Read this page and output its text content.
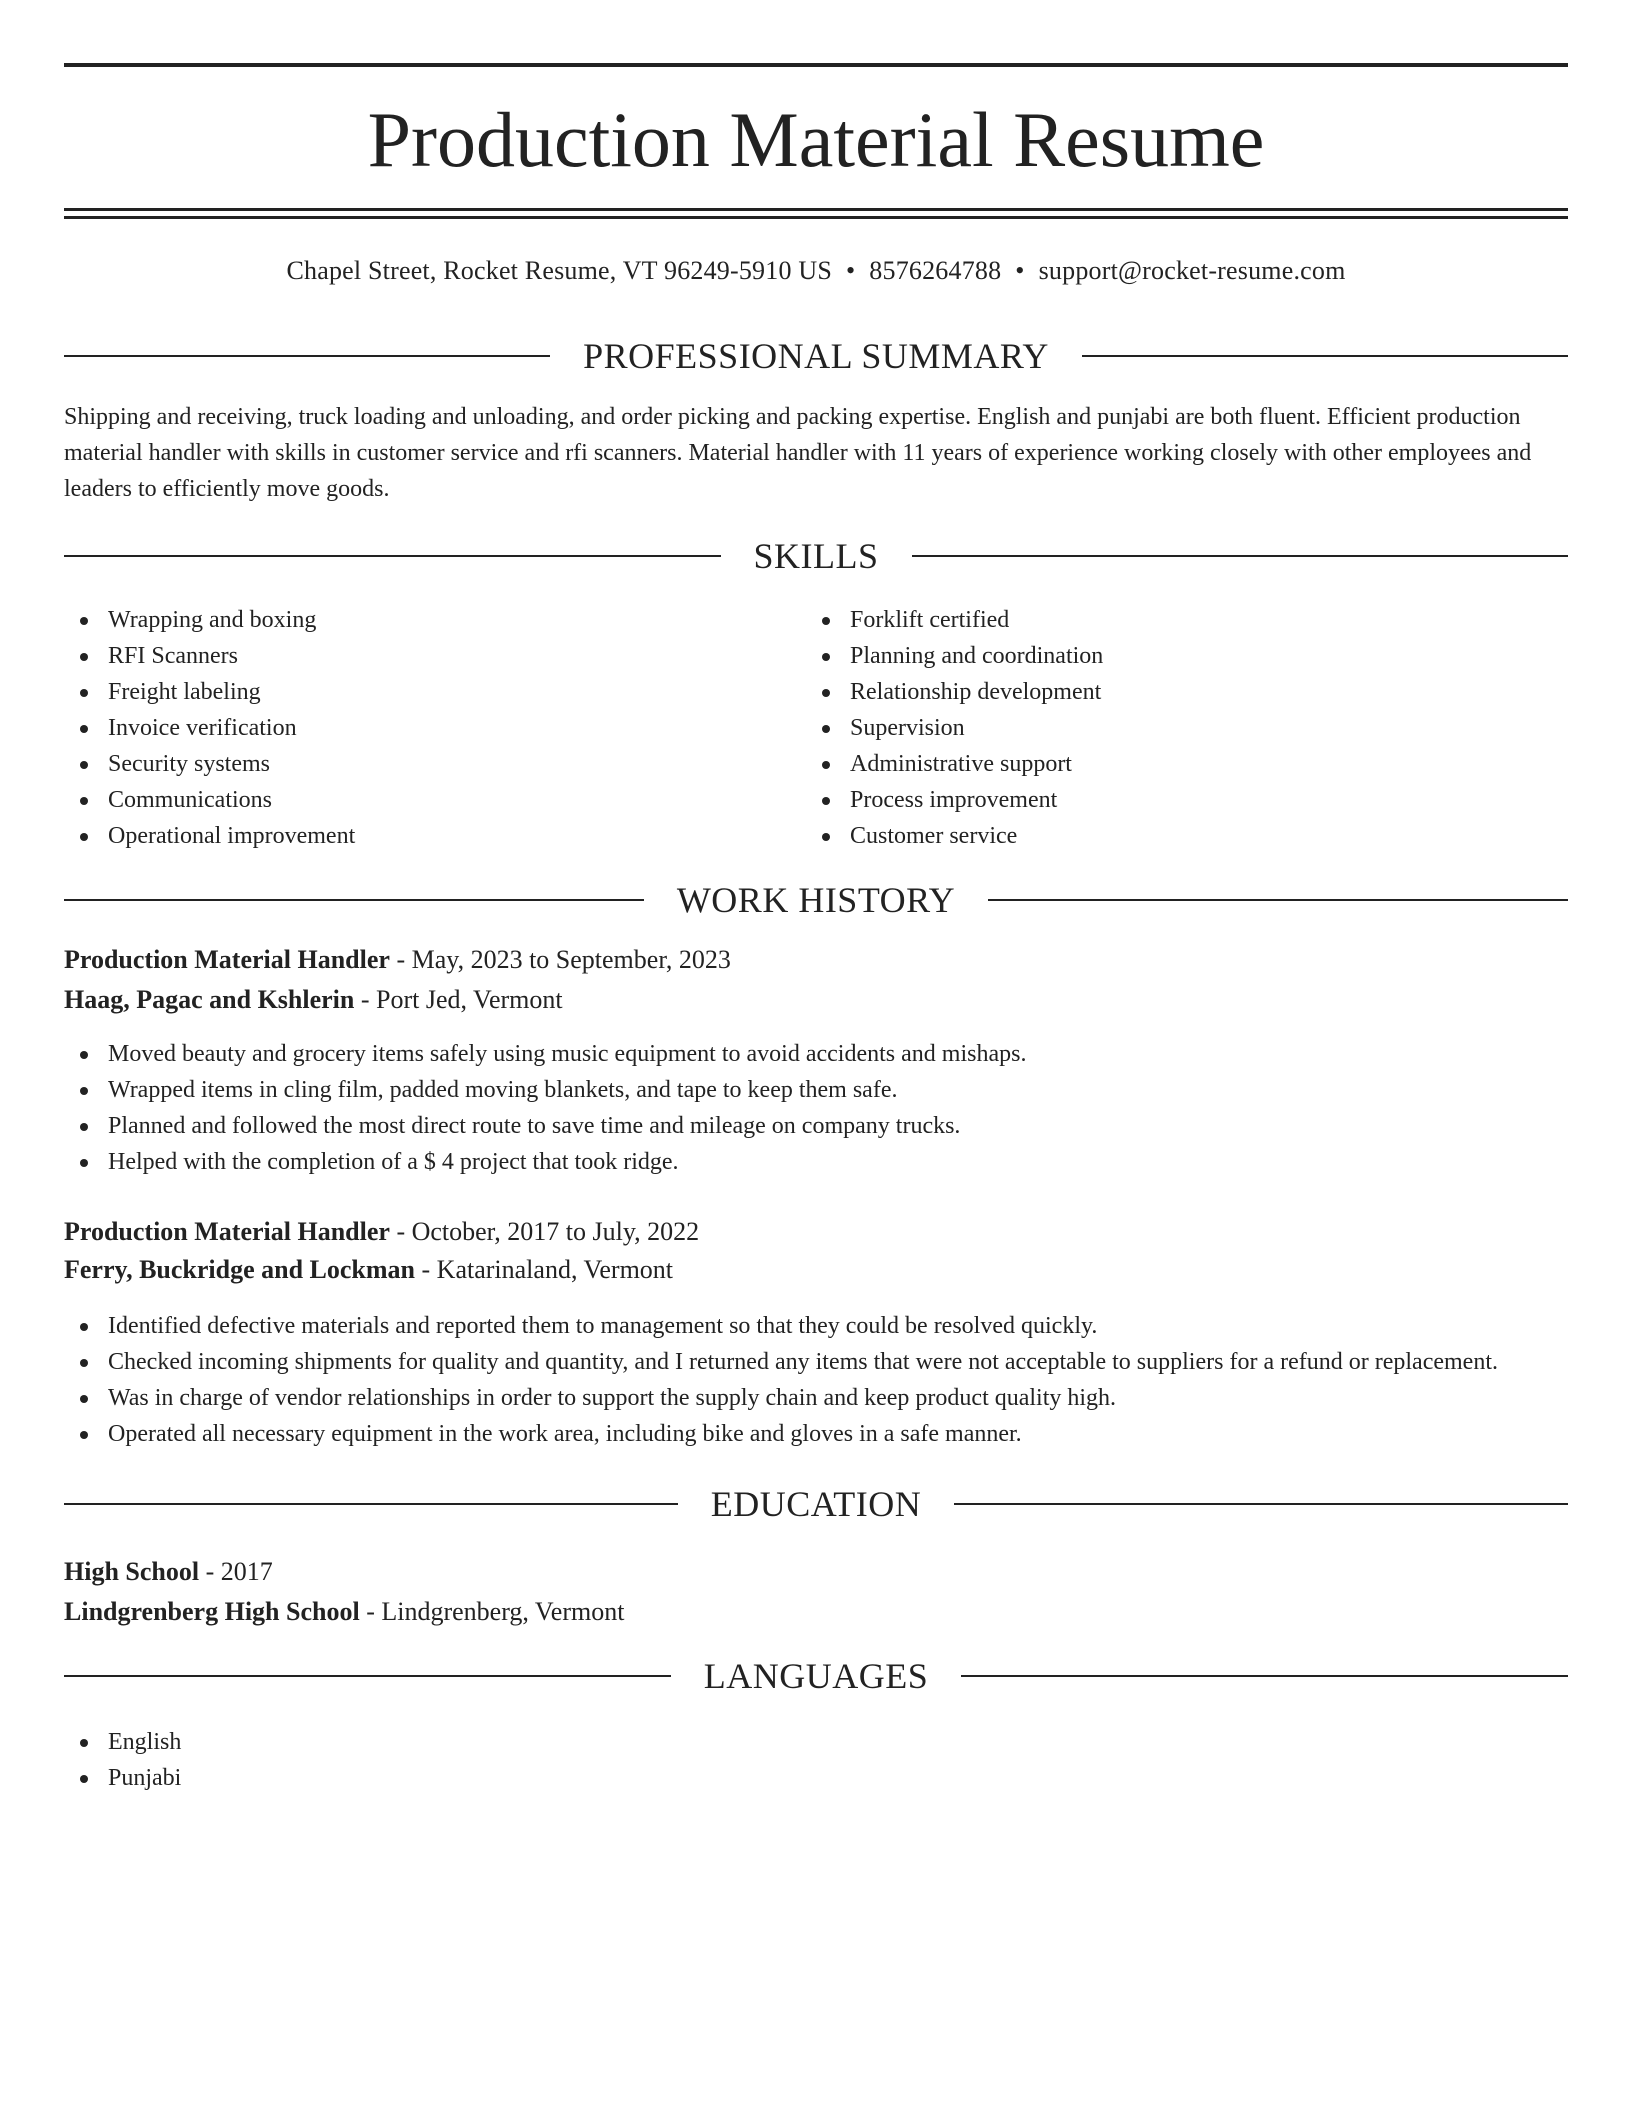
Production Material Resume
Chapel Street, Rocket Resume, VT 96249-5910 US • 8576264788 • support@rocket-resume.com
PROFESSIONAL SUMMARY

Shipping and receiving, truck loading and unloading, and order picking and packing expertise. English and punjabi are both fluent. Efficient production material handler with skills in customer service and rfi scanners. Material handler with 11 years of experience working closely with other employees and leaders to efficiently move goods.

SKILLS
Wrapping and boxing
RFI Scanners
Freight labeling
Invoice verification
Security systems
Communications
Operational improvement
Forklift certified
Planning and coordination
Relationship development
Supervision
Administrative support
Process improvement
Customer service
WORK HISTORY
Production Material Handler - May, 2023 to September, 2023
Haag, Pagac and Kshlerin - Port Jed, Vermont
Moved beauty and grocery items safely using music equipment to avoid accidents and mishaps.
Wrapped items in cling film, padded moving blankets, and tape to keep them safe.
Planned and followed the most direct route to save time and mileage on company trucks.
Helped with the completion of a $ 4 project that took ridge.
Production Material Handler - October, 2017 to July, 2022
Ferry, Buckridge and Lockman - Katarinaland, Vermont
Identified defective materials and reported them to management so that they could be resolved quickly.
Checked incoming shipments for quality and quantity, and I returned any items that were not acceptable to suppliers for a refund or replacement.
Was in charge of vendor relationships in order to support the supply chain and keep product quality high.
Operated all necessary equipment in the work area, including bike and gloves in a safe manner.
EDUCATION
High School - 2017
Lindgrenberg High School - Lindgrenberg, Vermont
LANGUAGES
English
Punjabi
